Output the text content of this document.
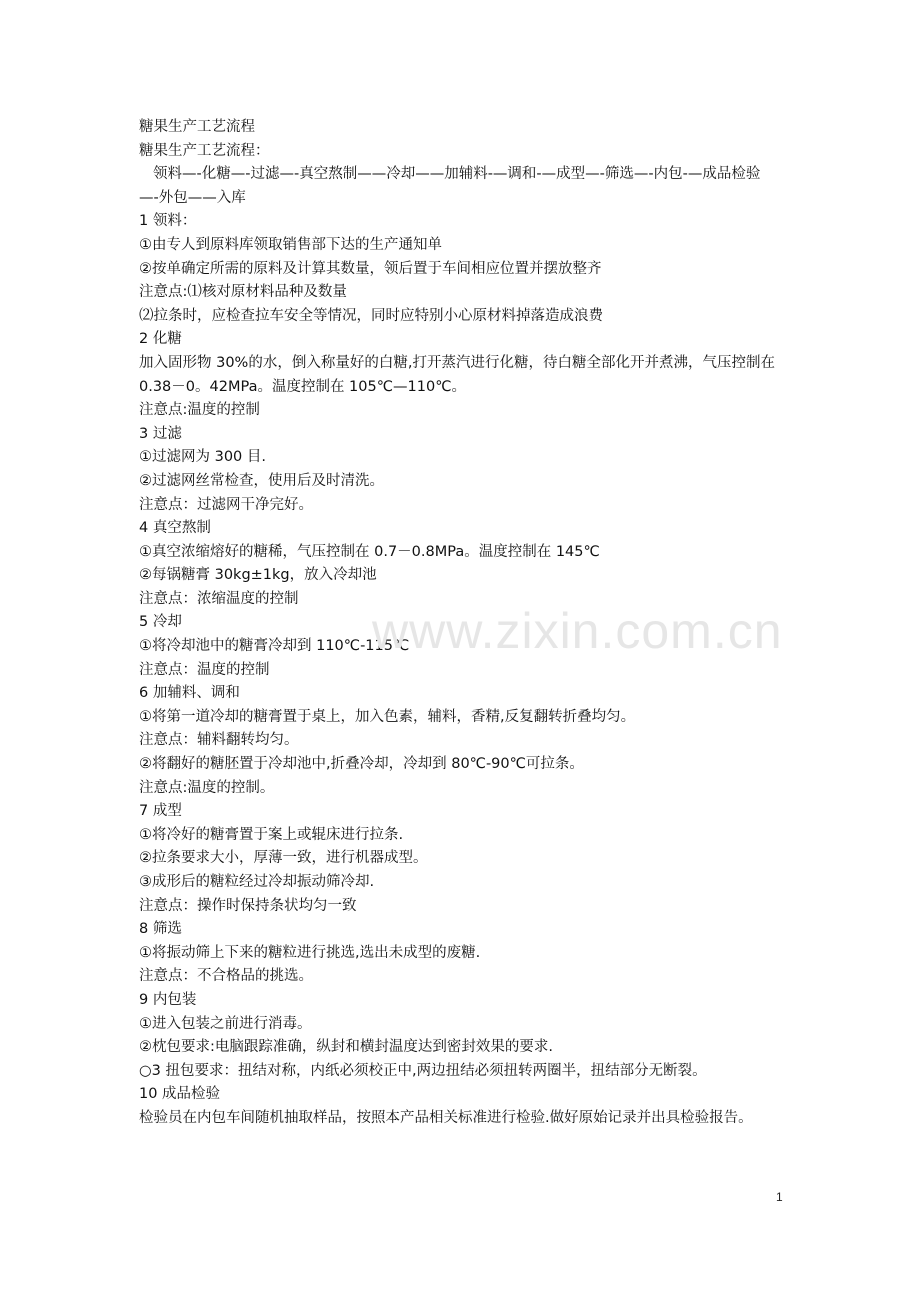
糖果生产工艺流程

糖果生产工艺流程：

领料—-化糖—-过滤—-真空熬制——冷却——加辅料-—调和-—成型—-筛选—-内包-—成品检验—-外包——入库

1 领料：

①由专人到原料库领取销售部下达的生产通知单

②按单确定所需的原料及计算其数量，领后置于车间相应位置并摆放整齐

注意点:⑴核对原材料品种及数量

⑵拉条时，应检查拉车安全等情况，同时应特别小心原材料掉落造成浪费

2 化糖

加入固形物 30%的水，倒入称量好的白糖,打开蒸汽进行化糖，待白糖全部化开并煮沸，气压控制在 0.38－0。42MPa。温度控制在 105℃—110℃。

注意点:温度的控制

3 过滤

①过滤网为 300 目.

②过滤网丝常检查，使用后及时清洗。

注意点：过滤网干净完好。

4 真空熬制

①真空浓缩熔好的糖稀，气压控制在 0.7－0.8MPa。温度控制在 145℃

②每锅糖膏 30kg±1kg，放入冷却池

注意点：浓缩温度的控制

5 冷却

①将冷却池中的糖膏冷却到 110℃-115℃

注意点：温度的控制

6 加辅料、调和

①将第一道冷却的糖膏置于桌上，加入色素，辅料，香精,反复翻转折叠均匀。

注意点：辅料翻转均匀。

②将翻好的糖胚置于冷却池中,折叠冷却，冷却到 80℃-90℃可拉条。

注意点:温度的控制。

7 成型

①将冷好的糖膏置于案上或辊床进行拉条.

②拉条要求大小，厚薄一致，进行机器成型。

③成形后的糖粒经过冷却振动筛冷却.

注意点：操作时保持条状均匀一致

8 筛选

①将振动筛上下来的糖粒进行挑选,选出未成型的废糖.

注意点：不合格品的挑选。

9 内包装

①进入包装之前进行消毒。

②枕包要求:电脑跟踪准确，纵封和横封温度达到密封效果的要求.

○3 扭包要求：扭结对称，内纸必须校正中,两边扭结必须扭转两圈半，扭结部分无断裂。

10 成品检验

检验员在内包车间随机抽取样品，按照本产品相关标准进行检验.做好原始记录并出具检验报告。

www.zixin.com.cn
1
